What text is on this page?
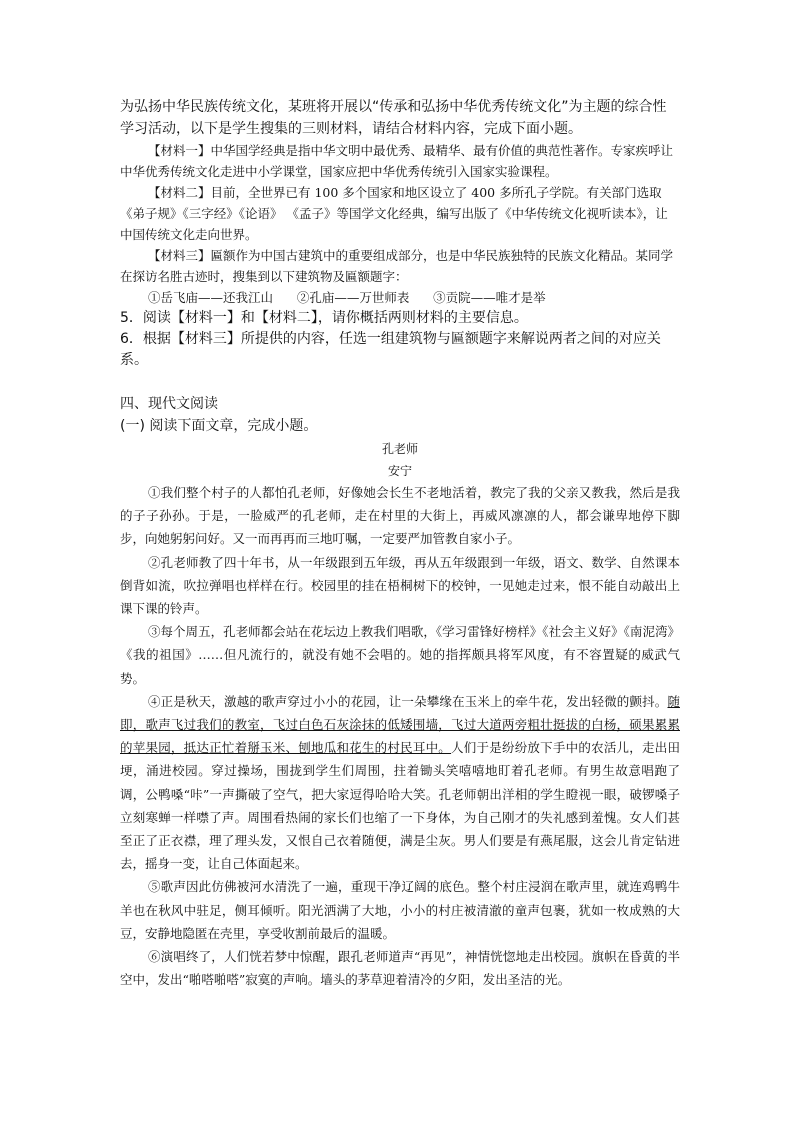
为弘扬中华民族传统文化，某班将开展以“传承和弘扬中华优秀传统文化”为主题的综合性学习活动，以下是学生搜集的三则材料，请结合材料内容，完成下面小题。

【材料一】中华国学经典是指中华文明中最优秀、最精华、最有价值的典范性著作。专家疾呼让中华优秀传统文化走进中小学课堂，国家应把中华优秀传统引入国家实验课程。

【材料二】目前，全世界已有 100 多个国家和地区设立了 400 多所孔子学院。有关部门选取《弟子规》《三字经》《论语》 《孟子》等国学文化经典，编写出版了《中华传统文化视听读本》，让中国传统文化走向世界。

【材料三】匾额作为中国古建筑中的重要组成部分，也是中华民族独特的民族文化精品。某同学在探访名胜古迹时，搜集到以下建筑物及匾额题字：

①岳飞庙——还我江山      ②孔庙——万世师表      ③贡院——唯才是举

5．阅读【材料一】和【材料二】，请你概括两则材料的主要信息。

6．根据【材料三】所提供的内容，任选一组建筑物与匾额题字来解说两者之间的对应关系。

四、现代文阅读

(一) 阅读下面文章，完成小题。

孔老师

安宁

①我们整个村子的人都怕孔老师，好像她会长生不老地活着，教完了我的父亲又教我，然后是我的子子孙孙。于是，一脸威严的孔老师，走在村里的大街上，再威风凛凛的人，都会谦卑地停下脚步，向她躬躬问好。又一而再再而三地叮嘱，一定要严加管教自家小子。

②孔老师教了四十年书，从一年级跟到五年级，再从五年级跟到一年级，语文、数学、自然课本倒背如流，吹拉弹唱也样样在行。校园里的挂在梧桐树下的校钟，一见她走过来，恨不能自动敲出上课下课的铃声。

③每个周五，孔老师都会站在花坛边上教我们唱歌，《学习雷锋好榜样》《社会主义好》《南泥湾》《我的祖国》……但凡流行的，就没有她不会唱的。她的指挥颇具将军风度，有不容置疑的威武气势。

④正是秋天，激越的歌声穿过小小的花园，让一朵攀缘在玉米上的牵牛花，发出轻微的颤抖。随即，歌声飞过我们的教室，飞过白色石灰涂抹的低矮围墙，飞过大道两旁粗壮挺拔的白杨，硕果累累的苹果园，抵达正忙着掰玉米、刨地瓜和花生的村民耳中。人们于是纷纷放下手中的农活儿，走出田埂，涌进校园。穿过操场，围拢到学生们周围，拄着锄头笑嘻嘻地盯着孔老师。有男生故意唱跑了调，公鸭嗓“咔”一声撕破了空气，把大家逗得哈哈大笑。孔老师朝出洋相的学生瞪视一眼，破锣嗓子立刻寒蝉一样噤了声。周围看热闹的家长们也缩了一下身体，为自己刚才的失礼感到羞愧。女人们甚至正了正衣襟，理了理头发，又恨自己衣着随便，满是尘灰。男人们要是有燕尾服，这会儿肯定钻进去，摇身一变，让自己体面起来。

⑤歌声因此仿佛被河水清洗了一遍，重现干净辽阔的底色。整个村庄浸润在歌声里，就连鸡鸭牛羊也在秋风中驻足，侧耳倾听。阳光洒满了大地，小小的村庄被清澈的童声包裹，犹如一枚成熟的大豆，安静地隐匿在壳里，享受收割前最后的温暖。

⑥演唱终了，人们恍若梦中惊醒，跟孔老师道声“再见”，神情恍惚地走出校园。旗帜在昏黄的半空中，发出“啪嗒啪嗒”寂寞的声响。墙头的茅草迎着清冷的夕阳，发出圣洁的光。
